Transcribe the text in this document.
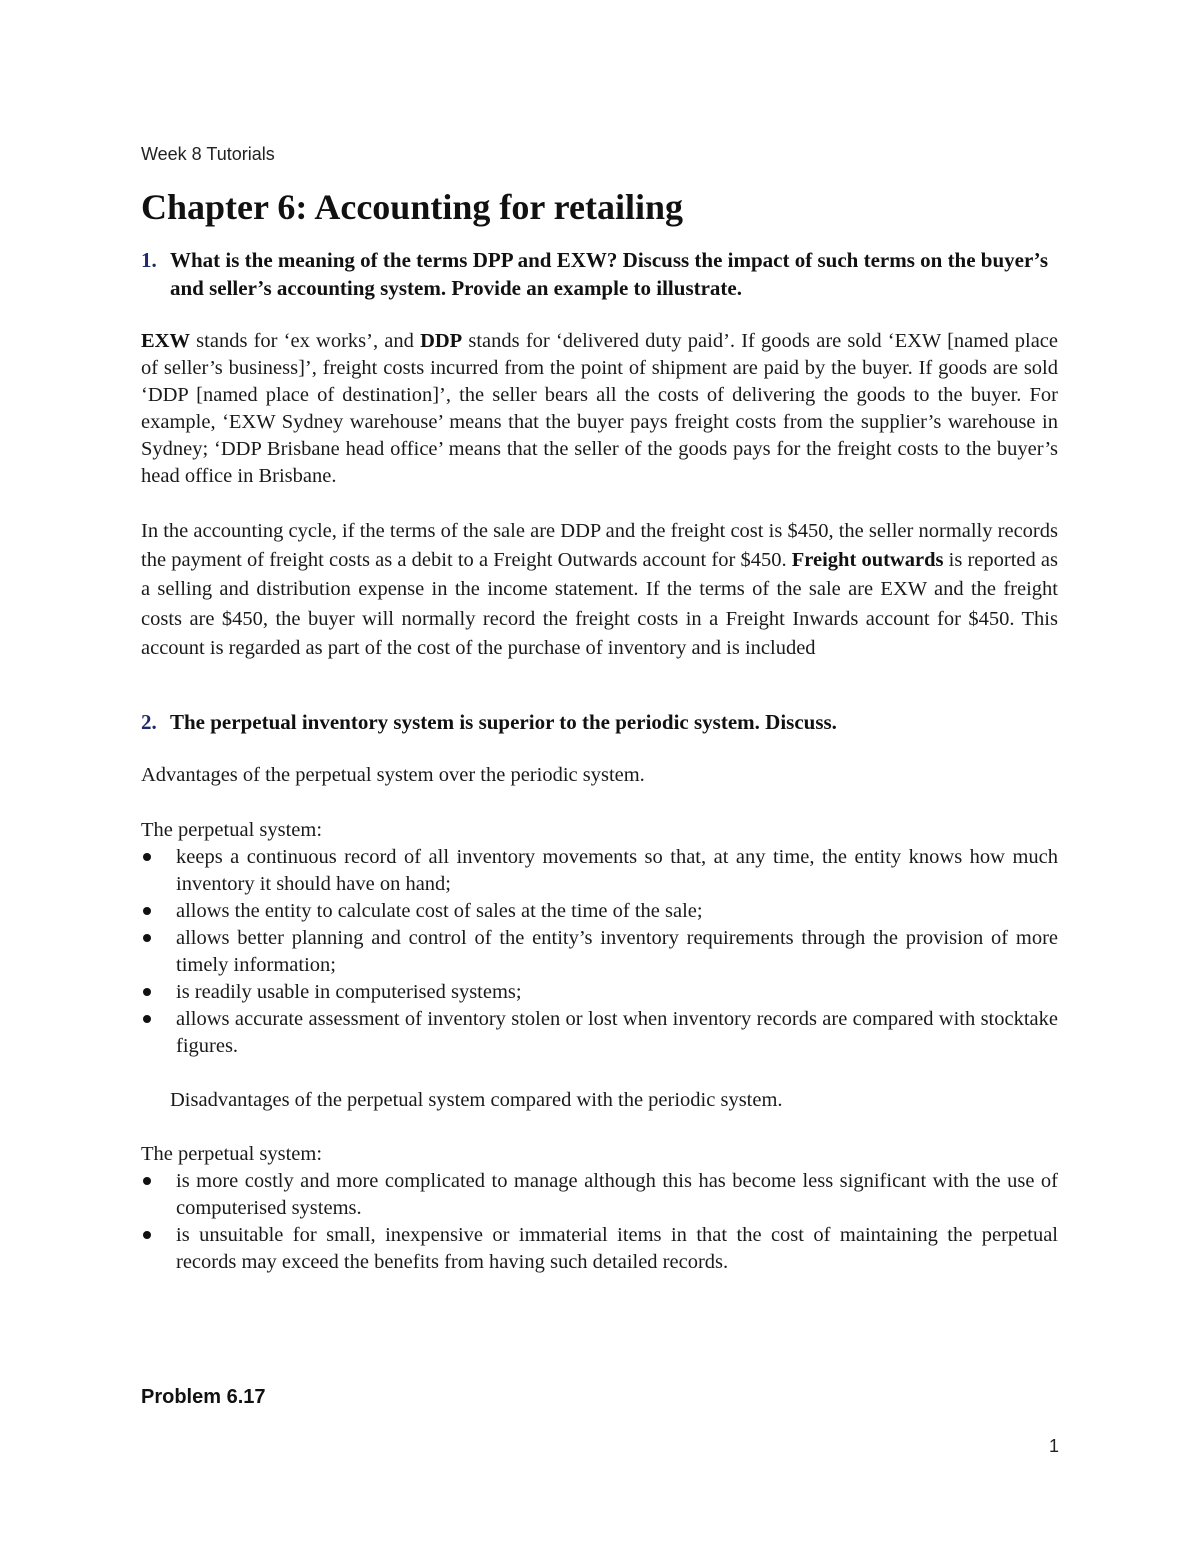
Week 8 Tutorials
Chapter 6: Accounting for retailing
1. What is the meaning of the terms DPP and EXW? Discuss the impact of such terms on the buyer’s and seller’s accounting system. Provide an example to illustrate.
EXW stands for ‘ex works’, and DDP stands for ‘delivered duty paid’. If goods are sold ‘EXW [named place of seller’s business]’, freight costs incurred from the point of shipment are paid by the buyer. If goods are sold ‘DDP [named place of destination]’, the seller bears all the costs of delivering the goods to the buyer. For example, ‘EXW Sydney warehouse’ means that the buyer pays freight costs from the supplier’s warehouse in Sydney; ‘DDP Brisbane head office’ means that the seller of the goods pays for the freight costs to the buyer’s head office in Brisbane.
In the accounting cycle, if the terms of the sale are DDP and the freight cost is $450, the seller normally records the payment of freight costs as a debit to a Freight Outwards account for $450. Freight outwards is reported as a selling and distribution expense in the income statement. If the terms of the sale are EXW and the freight costs are $450, the buyer will normally record the freight costs in a Freight Inwards account for $450. This account is regarded as part of the cost of the purchase of inventory and is included
2. The perpetual inventory system is superior to the periodic system. Discuss.
Advantages of the perpetual system over the periodic system.
The perpetual system:
keeps a continuous record of all inventory movements so that, at any time, the entity knows how much inventory it should have on hand;
allows the entity to calculate cost of sales at the time of the sale;
allows better planning and control of the entity’s inventory requirements through the provision of more timely information;
is readily usable in computerised systems;
allows accurate assessment of inventory stolen or lost when inventory records are compared with stocktake figures.
Disadvantages of the perpetual system compared with the periodic system.
The perpetual system:
is more costly and more complicated to manage although this has become less significant with the use of computerised systems.
is unsuitable for small, inexpensive or immaterial items in that the cost of maintaining the perpetual records may exceed the benefits from having such detailed records.
Problem 6.17
1
